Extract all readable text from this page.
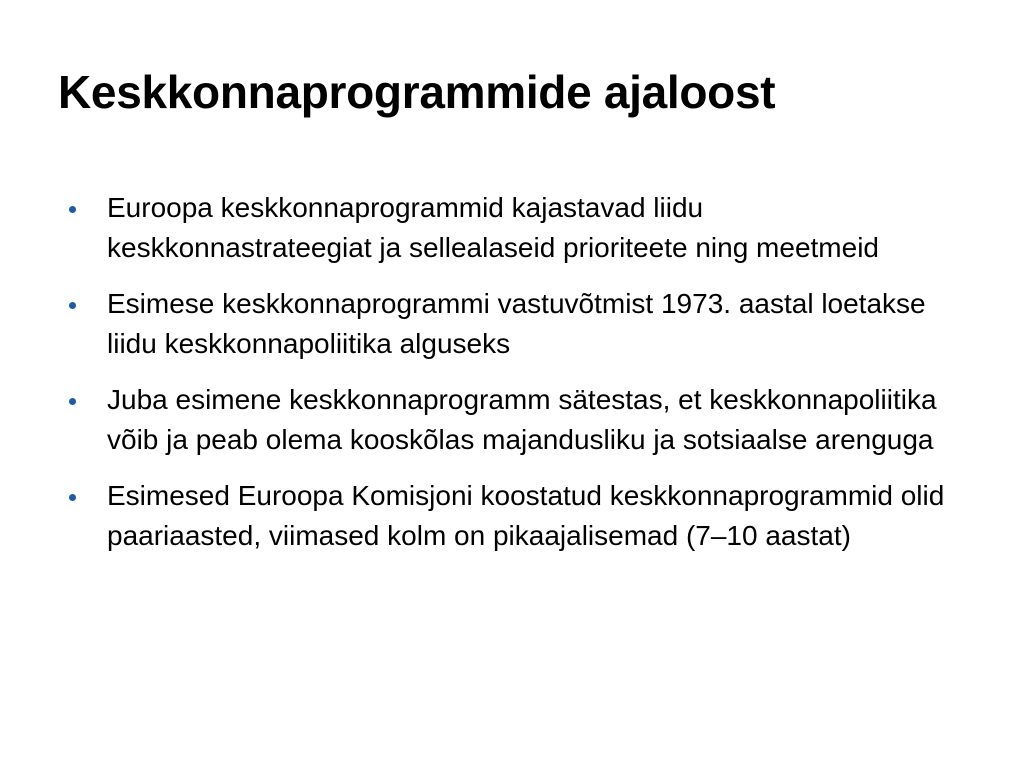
Keskkonnaprogrammide ajaloost
Euroopa keskkonnaprogrammid kajastavad liidu keskkonnastrateegiat ja sellealaseid prioriteete ning meetmeid
Esimese keskkonnaprogrammi vastuvõtmist 1973. aastal loetakse liidu keskkonnapoliitika alguseks
Juba esimene keskkonnaprogramm sätestas, et keskkonnapoliitika võib ja peab olema kooskõlas majandusliku ja sotsiaalse arenguga
Esimesed Euroopa Komisjoni koostatud keskkonnaprogrammid olid paariaasted, viimased kolm on pikaajalisemad (7–10 aastat)
